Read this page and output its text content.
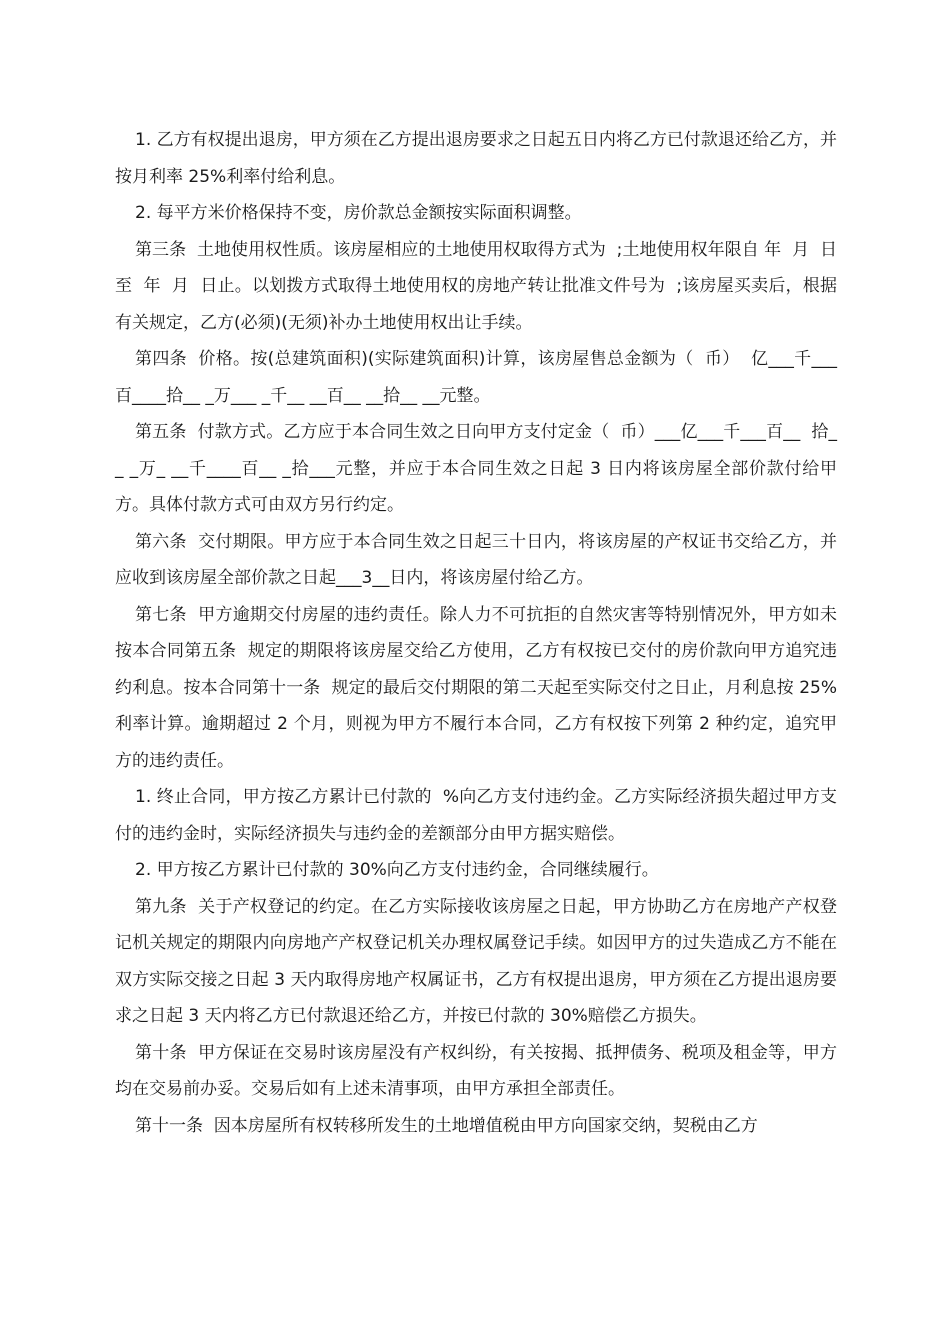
1. 乙方有权提出退房，甲方须在乙方提出退房要求之日起五日内将乙方已付款退还给乙方，并按月利率 25%利率付给利息。

2. 每平方米价格保持不变，房价款总金额按实际面积调整。

第三条  土地使用权性质。该房屋相应的土地使用权取得方式为  ;土地使用权年限自 年  月  日至  年  月  日止。以划拨方式取得土地使用权的房地产转让批准文件号为  ;该房屋买卖后，根据有关规定，乙方(必须)(无须)补办土地使用权出让手续。

第四条  价格。按(总建筑面积)(实际建筑面积)计算，该房屋售总金额为（  币）  亿___千___百____拾__ _万___ _千__ __百__ __拾__ __元整。

第五条  付款方式。乙方应于本合同生效之日向甲方支付定金（  币）___亿___千___百__  拾__ _万_ __千____百__ _拾___元整，并应于本合同生效之日起 3 日内将该房屋全部价款付给甲方。具体付款方式可由双方另行约定。

第六条  交付期限。甲方应于本合同生效之日起三十日内，将该房屋的产权证书交给乙方，并应收到该房屋全部价款之日起___3__日内，将该房屋付给乙方。

第七条  甲方逾期交付房屋的违约责任。除人力不可抗拒的自然灾害等特别情况外，甲方如未按本合同第五条  规定的期限将该房屋交给乙方使用，乙方有权按已交付的房价款向甲方追究违约利息。按本合同第十一条  规定的最后交付期限的第二天起至实际交付之日止，月利息按 25%利率计算。逾期超过 2 个月，则视为甲方不履行本合同，乙方有权按下列第 2 种约定，追究甲方的违约责任。

1. 终止合同，甲方按乙方累计已付款的  %向乙方支付违约金。乙方实际经济损失超过甲方支付的违约金时，实际经济损失与违约金的差额部分由甲方据实赔偿。

2. 甲方按乙方累计已付款的 30%向乙方支付违约金，合同继续履行。

第九条  关于产权登记的约定。在乙方实际接收该房屋之日起，甲方协助乙方在房地产产权登记机关规定的期限内向房地产产权登记机关办理权属登记手续。如因甲方的过失造成乙方不能在双方实际交接之日起 3 天内取得房地产权属证书，乙方有权提出退房，甲方须在乙方提出退房要求之日起 3 天内将乙方已付款退还给乙方，并按已付款的 30%赔偿乙方损失。

第十条  甲方保证在交易时该房屋没有产权纠纷，有关按揭、抵押债务、税项及租金等，甲方均在交易前办妥。交易后如有上述未清事项，由甲方承担全部责任。

第十一条  因本房屋所有权转移所发生的土地增值税由甲方向国家交纳，契税由乙方
